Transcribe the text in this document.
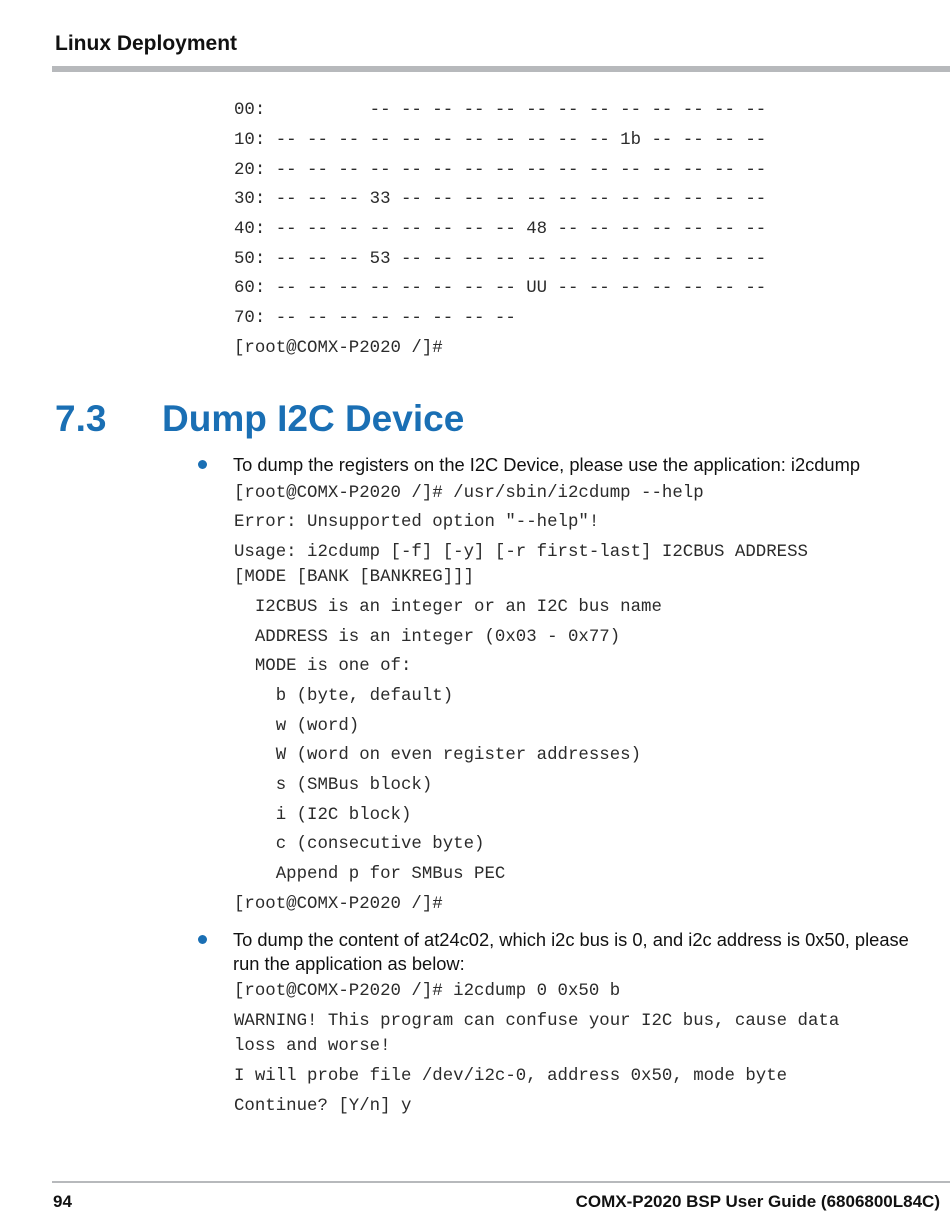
Linux Deployment

00:          -- -- -- -- -- -- -- -- -- -- -- -- --

10: -- -- -- -- -- -- -- -- -- -- -- 1b -- -- -- --

20: -- -- -- -- -- -- -- -- -- -- -- -- -- -- -- --

30: -- -- -- 33 -- -- -- -- -- -- -- -- -- -- -- --

40: -- -- -- -- -- -- -- -- 48 -- -- -- -- -- -- --

50: -- -- -- 53 -- -- -- -- -- -- -- -- -- -- -- --

60: -- -- -- -- -- -- -- -- UU -- -- -- -- -- -- --

70: -- -- -- -- -- -- -- --

[root@COMX-P2020 /]#

7.3 Dump I2C Device
To dump the registers on the I2C Device, please use the application: i2cdump

[root@COMX-P2020 /]# /usr/sbin/i2cdump --help

Error: Unsupported option "--help"!

Usage: i2cdump [-f] [-y] [-r first-last] I2CBUS ADDRESS

[MODE [BANK [BANKREG]]]

I2CBUS is an integer or an I2C bus name

ADDRESS is an integer (0x03 - 0x77)

MODE is one of:

b (byte, default)

w (word)

W (word on even register addresses)

s (SMBus block)

i (I2C block)

c (consecutive byte)

Append p for SMBus PEC

[root@COMX-P2020 /]#

To dump the content of at24c02, which i2c bus is 0, and i2c address is 0x50, please
run the application as below:

[root@COMX-P2020 /]# i2cdump 0 0x50 b

WARNING! This program can confuse your I2C bus, cause data

loss and worse!

I will probe file /dev/i2c-0, address 0x50, mode byte

Continue? [Y/n] y

94	COMX-P2020 BSP User Guide (6806800L84C)
